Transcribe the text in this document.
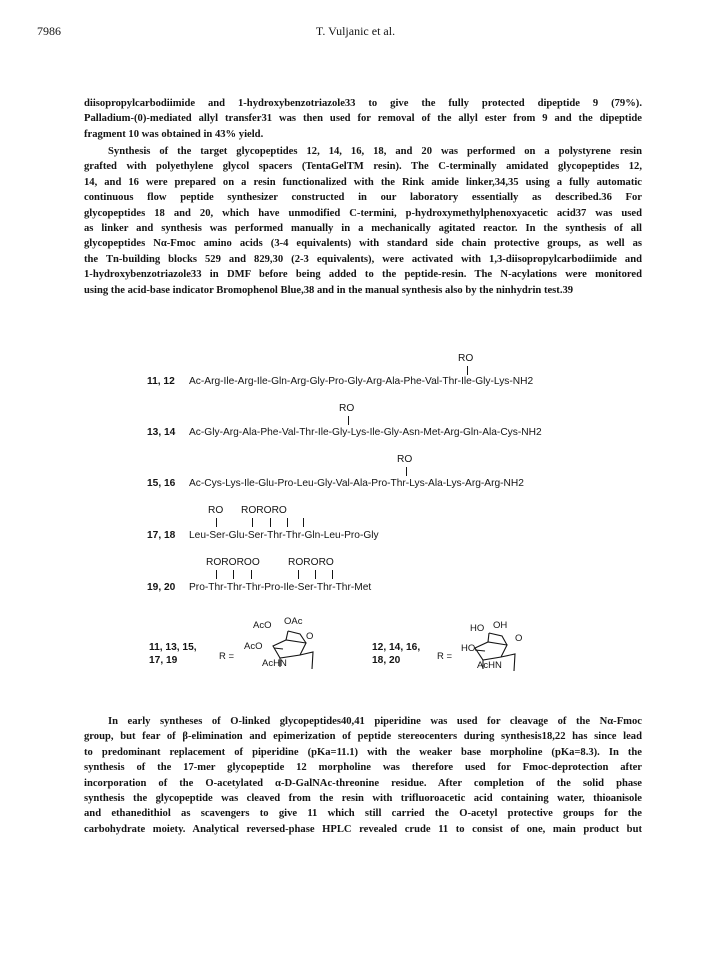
7986	T. Vuljanic et al.
diisopropylcarbodiimide and 1-hydroxybenzotriazole33 to give the fully protected dipeptide 9 (79%).
Palladium-(0)-mediated allyl transfer31 was then used for removal of the allyl ester from 9 and the dipeptide
fragment 10 was obtained in 43% yield.
Synthesis of the target glycopeptides 12, 14, 16, 18, and 20 was performed on a polystyrene resin
grafted with polyethylene glycol spacers (TentaGelTM resin). The C-terminally amidated glycopeptides 12,
14, and 16 were prepared on a resin functionalized with the Rink amide linker,34,35 using a fully automatic
continuous flow peptide synthesizer constructed in our laboratory essentially as described.36 For
glycopeptides 18 and 20, which have unmodified C-termini, p-hydroxymethylphenoxyacetic acid37 was used
as linker and synthesis was performed manually in a mechanically agitated reactor. In the synthesis of all
glycopeptides Nα-Fmoc amino acids (3-4 equivalents) with standard side chain protective groups, as well as
the Tn-building blocks 529 and 829,30 (2-3 equivalents), were activated with 1,3-diisopropylcarbodiimide and
1-hydroxybenzotriazole33 in DMF before being added to the peptide-resin. The N-acylations were monitored
using the acid-base indicator Bromophenol Blue,38 and in the manual synthesis also by the ninhydrin test.39
RO
11, 12 Ac-Arg-Ile-Arg-Ile-Gln-Arg-Gly-Pro-Gly-Arg-Ala-Phe-Val-Thr-Ile-Gly-Lys-NH2
RO
13, 14 Ac-Gly-Arg-Ala-Phe-Val-Thr-Ile-Gly-Lys-Ile-Gly-Asn-Met-Arg-Gln-Ala-Cys-NH2
RO
15, 16 Ac-Cys-Lys-Ile-Glu-Pro-Leu-Gly-Val-Ala-Pro-Thr-Lys-Ala-Lys-Arg-Arg-NH2
RO RORORO
17, 18 Leu-Ser-Glu-Ser-Thr-Thr-Gln-Leu-Pro-Gly
ROROROO	RORORO
19, 20 Pro-Thr-Thr-Thr-Pro-Ile-Ser-Thr-Thr-Met
11, 13, 15,
17, 19	R =
AcO OAc
AcO
O
AcHN
12, 14, 16,
18, 20	R =
HO OH
HO
O
AcHN
In early syntheses of O-linked glycopeptides40,41 piperidine was used for cleavage of the Nα-Fmoc
group, but fear of β-elimination and epimerization of peptide stereocenters during synthesis18,22 has since lead
to predominant replacement of piperidine (pKa=11.1) with the weaker base morpholine (pKa=8.3). In the
synthesis of the 17-mer glycopeptide 12 morpholine was therefore used for Fmoc-deprotection after
incorporation of the O-acetylated α-D-GalNAc-threonine residue. After completion of the solid phase
synthesis the glycopeptide was cleaved from the resin with trifluoroacetic acid containing water, thioanisole
and ethanedithiol as scavengers to give 11 which still carried the O-acetyl protective groups for the
carbohydrate moiety. Analytical reversed-phase HPLC revealed crude 11 to consist of one, main product but
